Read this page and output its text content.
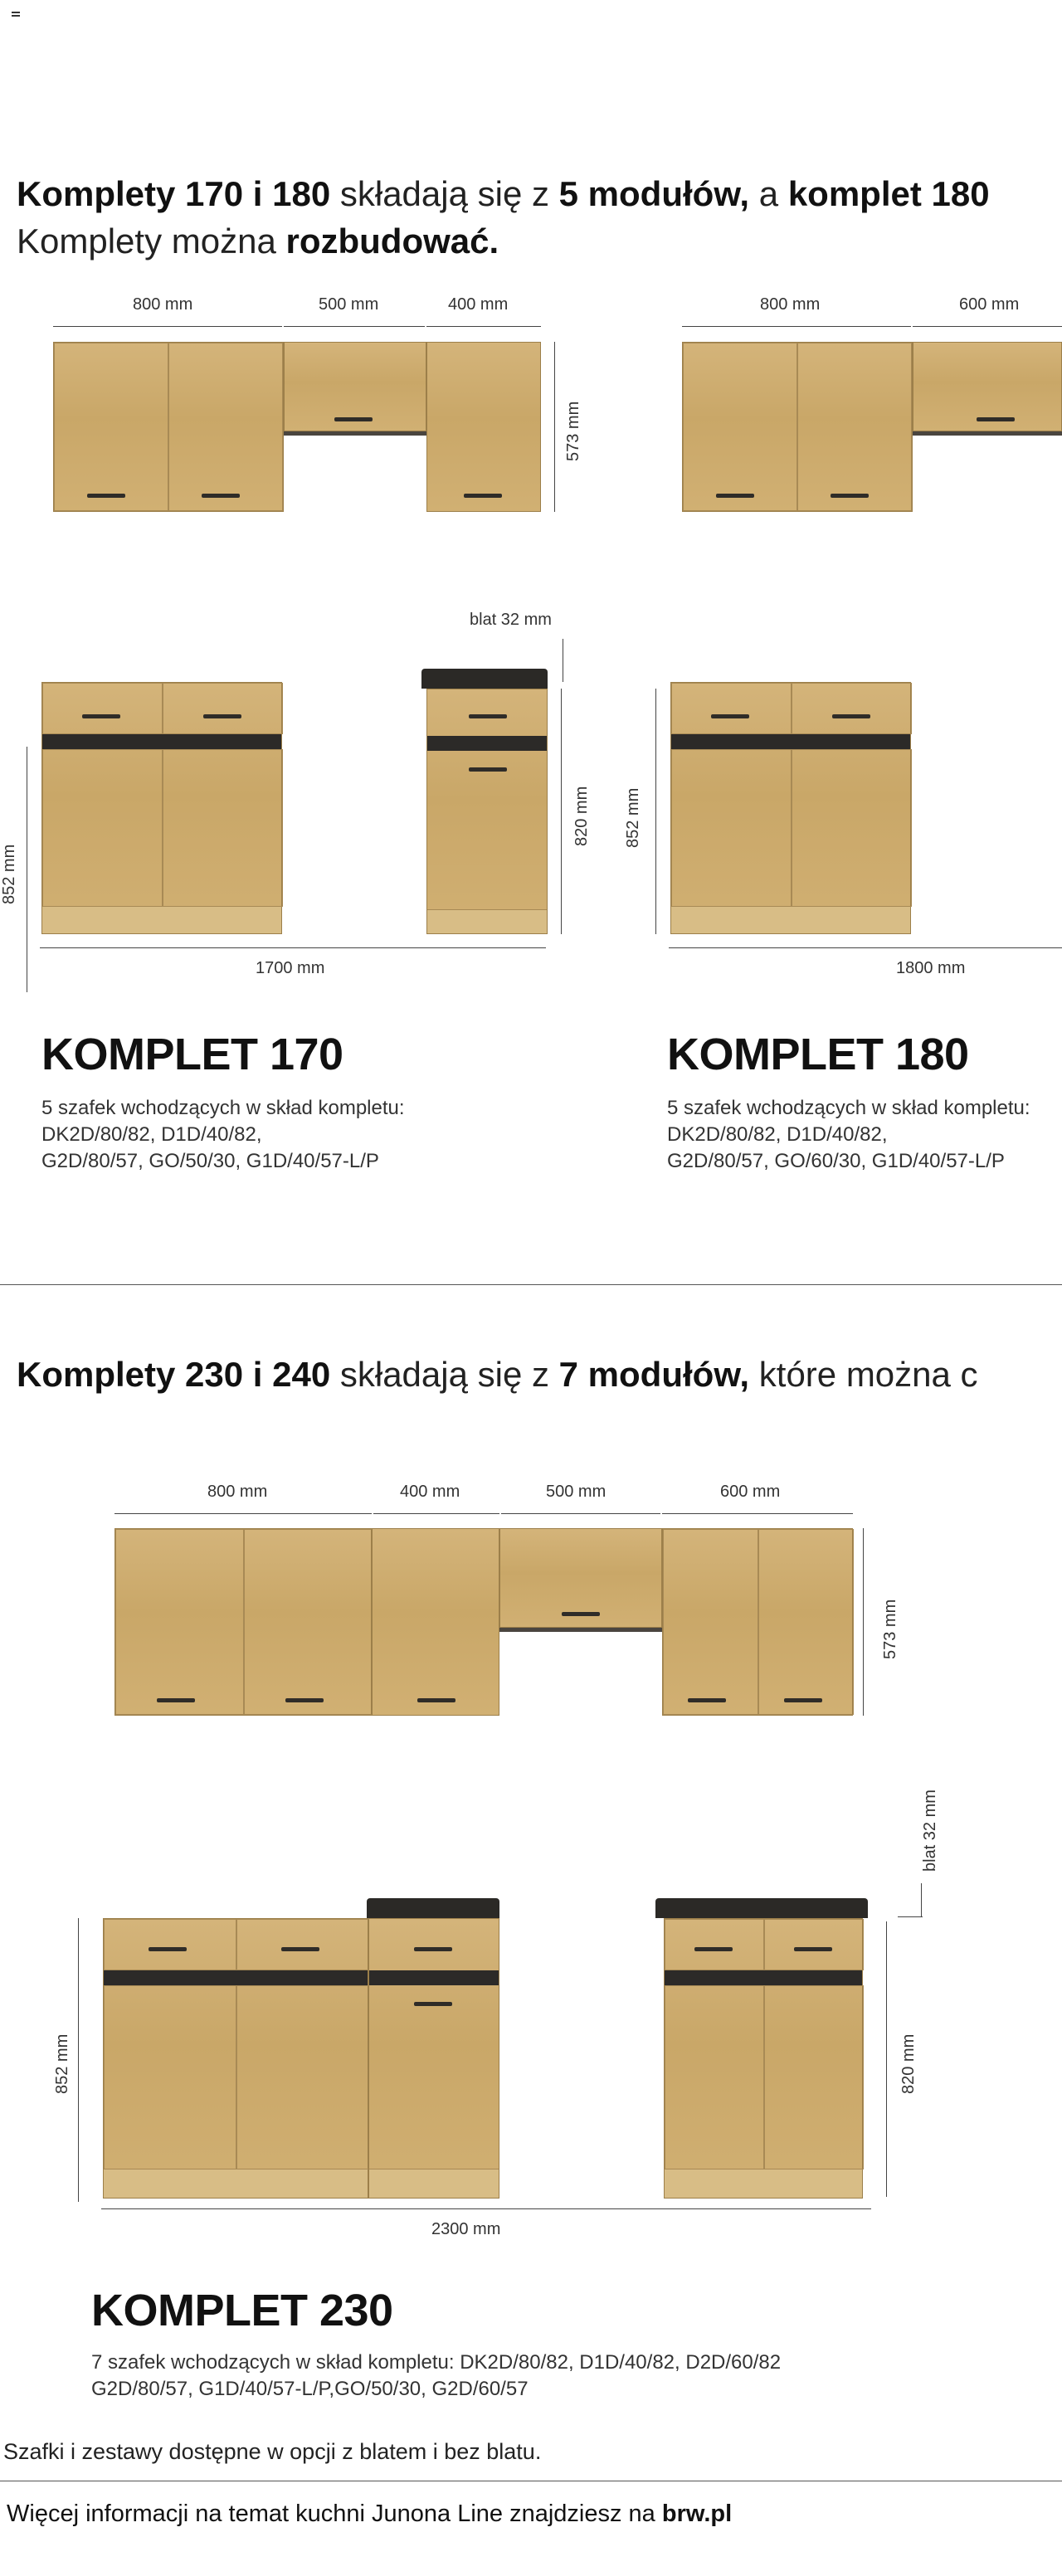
Komplety 170 i 180 składają się z 5 modułów, a komplet 180
Komplety można rozbudować.
800 mm	500 mm	400 mm
573 mm
800 mm	600 mm
blat 32 mm
820 mm
852 mm
1700 mm
852 mm
1800 mm
KOMPLET 170
5 szafek wchodzących w skład kompletu:
DK2D/80/82, D1D/40/82,
G2D/80/57, GO/50/30, G1D/40/57-L/P
KOMPLET 180
5 szafek wchodzących w skład kompletu:
DK2D/80/82, D1D/40/82,
G2D/80/57, GO/60/30, G1D/40/57-L/P
Komplety 230 i 240 składają się z 7 modułów, które można c
800 mm	400 mm	500 mm	600 mm
573 mm
852 mm
blat 32 mm
820 mm
2300 mm
KOMPLET 230
7 szafek wchodzących w skład kompletu: DK2D/80/82, D1D/40/82, D2D/60/82
G2D/80/57, G1D/40/57-L/P,GO/50/30, G2D/60/57
Szafki i zestawy dostępne w opcji z blatem i bez blatu.
Więcej informacji na temat kuchni Junona Line znajdziesz na brw.pl
